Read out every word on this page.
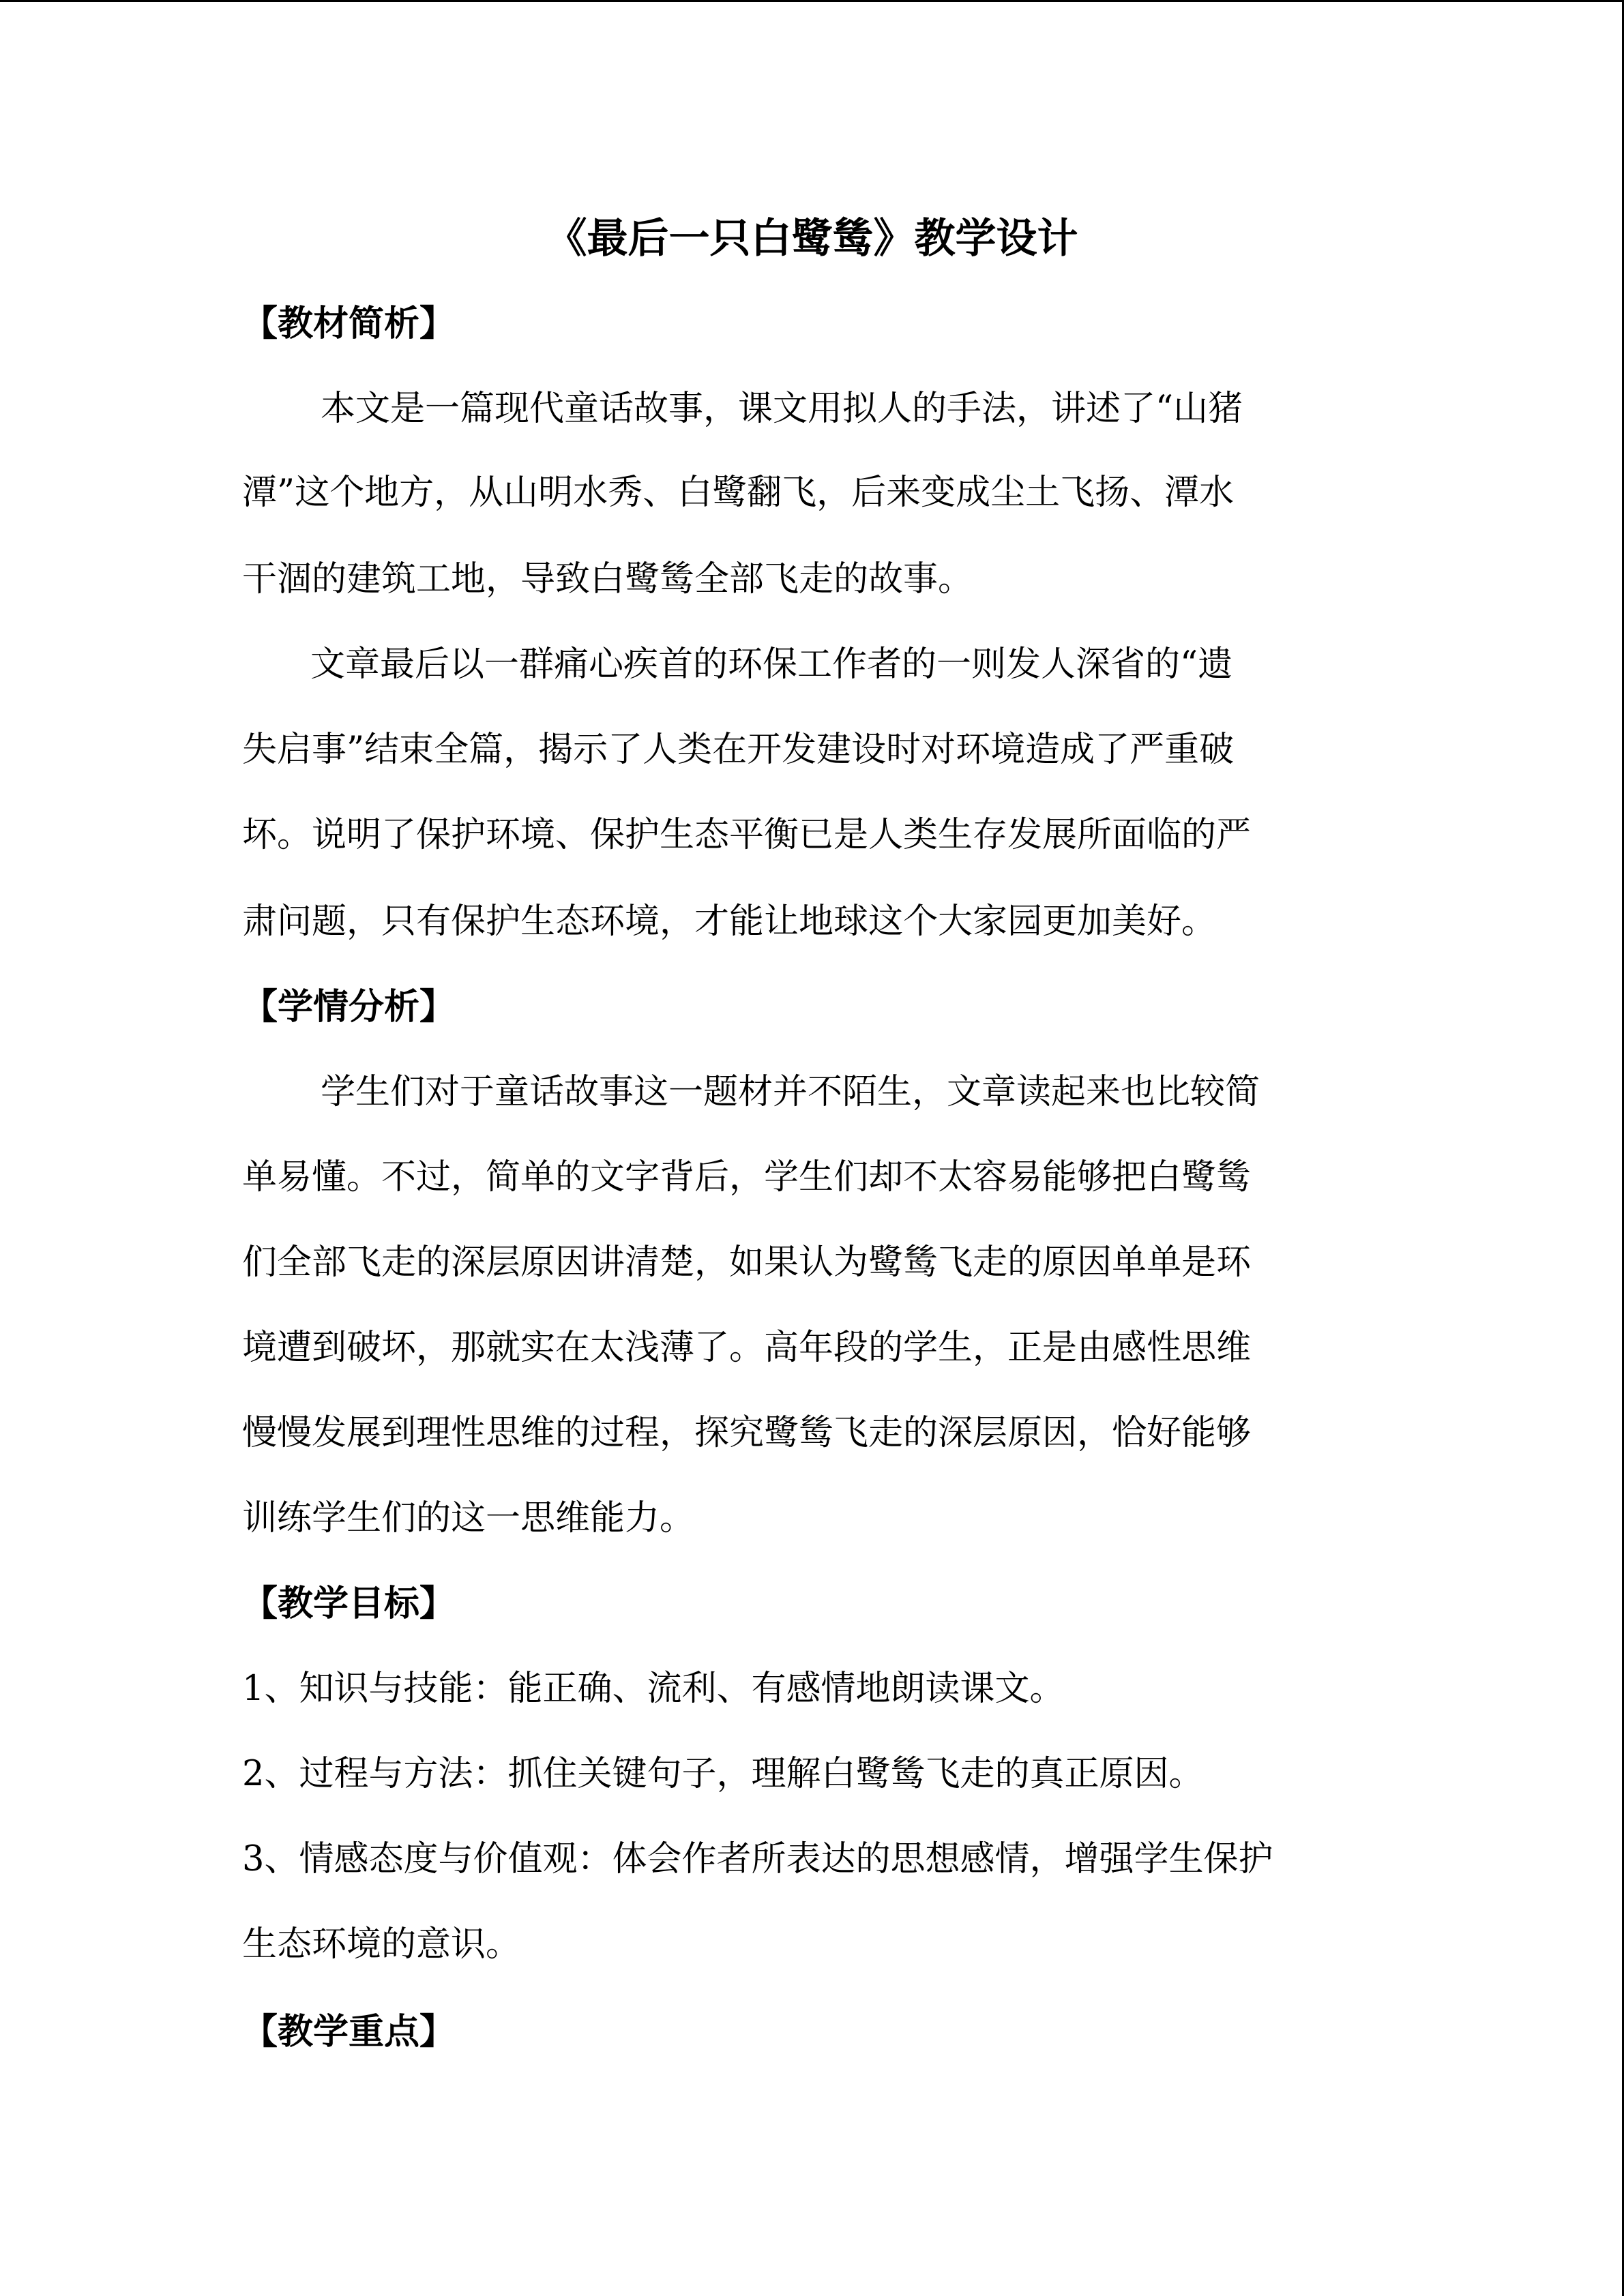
《最后一只白鹭鸶》教学设计
【教材简析】
本文是一篇现代童话故事，课文用拟人的手法，讲述了“山猪
潭”这个地方，从山明水秀、白鹭翻飞，后来变成尘土飞扬、潭水
干涸的建筑工地，导致白鹭鸶全部飞走的故事。
文章最后以一群痛心疾首的环保工作者的一则发人深省的“遗
失启事”结束全篇，揭示了人类在开发建设时对环境造成了严重破
坏。说明了保护环境、保护生态平衡已是人类生存发展所面临的严
肃问题，只有保护生态环境，才能让地球这个大家园更加美好。
【学情分析】
学生们对于童话故事这一题材并不陌生，文章读起来也比较简
单易懂。不过，简单的文字背后，学生们却不太容易能够把白鹭鸶
们全部飞走的深层原因讲清楚，如果认为鹭鸶飞走的原因单单是环
境遭到破坏，那就实在太浅薄了。高年段的学生，正是由感性思维
慢慢发展到理性思维的过程，探究鹭鸶飞走的深层原因，恰好能够
训练学生们的这一思维能力。
【教学目标】
1、知识与技能：能正确、流利、有感情地朗读课文。
2、过程与方法：抓住关键句子，理解白鹭鸶飞走的真正原因。
3、情感态度与价值观：体会作者所表达的思想感情，增强学生保护
生态环境的意识。
【教学重点】
